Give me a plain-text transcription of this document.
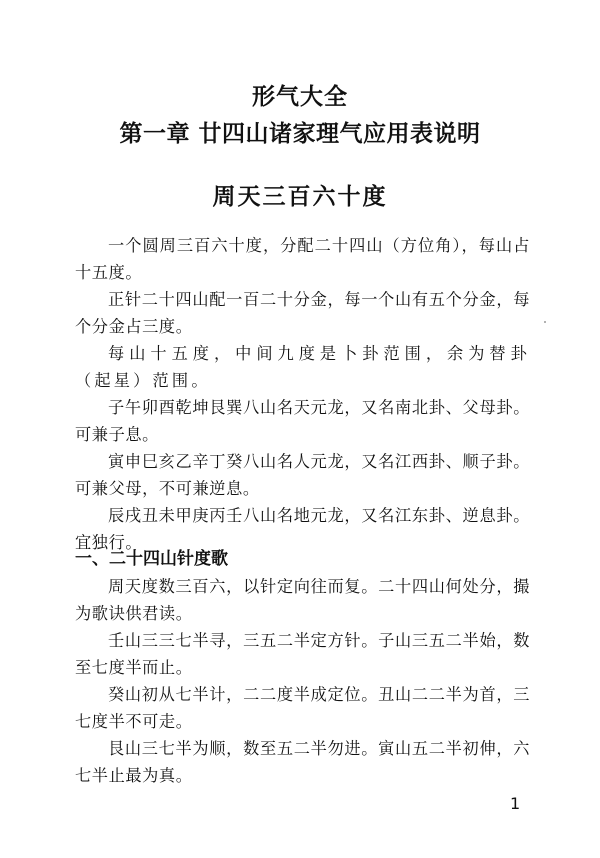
形气大全
第一章 廿四山诸家理气应用表说明
周天三百六十度

一个圆周三百六十度，分配二十四山（方位角），每山占十五度。

正针二十四山配一百二十分金，每一个山有五个分金，每个分金占三度。

每山十五度，中间九度是卜卦范围，余为替卦（起星）范围。

子午卯酉乾坤艮巽八山名天元龙，又名南北卦、父母卦。可兼子息。

寅申巳亥乙辛丁癸八山名人元龙，又名江西卦、顺子卦。可兼父母，不可兼逆息。

辰戌丑未甲庚丙壬八山名地元龙，又名江东卦、逆息卦。宜独行。

一、二十四山针度歌

周天度数三百六，以针定向往而复。二十四山何处分，撮为歌诀供君读。

壬山三三七半寻，三五二半定方针。子山三五二半始，数至七度半而止。

癸山初从七半计，二二度半成定位。丑山二二半为首，三七度半不可走。

艮山三七半为顺，数至五二半勿进。寅山五二半初伸，六七半止最为真。

1
